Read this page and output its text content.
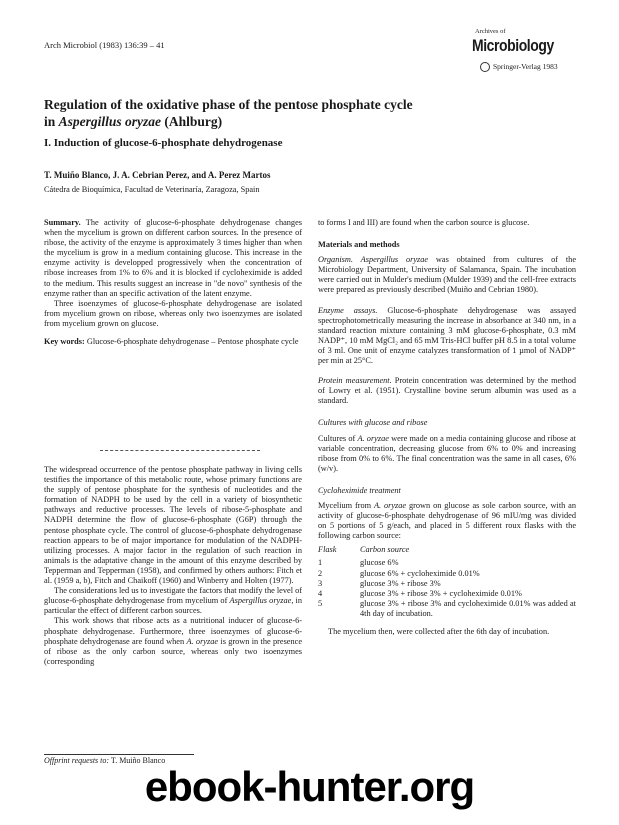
Arch Microbiol (1983) 136:39 – 41
Archives of
Microbiology
Springer-Verlag 1983
Regulation of the oxidative phase of the pentose phosphate cycle
in Aspergillus oryzae (Ahlburg)
I. Induction of glucose-6-phosphate dehydrogenase
T. Muiño Blanco, J. A. Cebrian Perez, and A. Perez Martos
Cátedra de Bioquímica, Facultad de Veterinaría, Zaragoza, Spain

Summary. The activity of glucose-6-phosphate dehydrogenase changes when the mycelium is grown on different carbon sources. In the presence of ribose, the activity of the enzyme is approximately 3 times higher than when the mycelium is grow in a medium containing glucose. This increase in the enzyme activity is developped progressively when the concentration of ribose increases from 1% to 6% and it is blocked if cycloheximide is added to the medium. This results suggest an increase in "de novo" synthesis of the enzyme rather than an specific activation of the latent enzyme.

Three isoenzymes of glucose-6-phosphate dehydrogenase are isolated from mycelium grown on ribose, whereas only two isoenzymes are isolated from mycelium grown on glucose.

Key words: Glucose-6-phosphate dehydrogenase – Pentose phosphate cycle

The widespread occurrence of the pentose phosphate pathway in living cells testifies the importance of this metabolic route, whose primary functions are the supply of pentose phosphate for the synthesis of nucleotides and the formation of NADPH to be used by the cell in a variety of biosynthetic pathways and reductive processes. The levels of ribose-5-phosphate and NADPH determine the flow of glucose-6-phosphate (G6P) through the pentose phosphate cycle. The control of glucose-6-phosphate dehydrogenase reaction appears to be of major importance for modulation of the NADPH-utilizing processes. A major factor in the regulation of such reaction in animals is the adaptative change in the amount of this enzyme described by Tepperman and Tepperman (1958), and confirmed by others authors: Fitch et al. (1959 a, b), Fitch and Chaikoff (1960) and Winberry and Holten (1977).

The considerations led us to investigate the factors that modify the level of glucose-6-phosphate dehydrogenase from mycelium of Aspergillus oryzae, in particular the effect of different carbon sources.

This work shows that ribose acts as a nutritional inducer of glucose-6-phosphate dehydrogenase. Furthermore, three isoenzymes of glucose-6-phosphate dehydrogenase are found when A. oryzae is grown in the presence of ribose as the only carbon source, whereas only two isoenzymes (corresponding

Offprint requests to: T. Muiño Blanco

to forms I and III) are found when the carbon source is glucose.

Materials and methods

Organism. Aspergillus oryzae was obtained from cultures of the Microbiology Department, University of Salamanca, Spain. The incubation were carried out in Mulder's medium (Mulder 1939) and the cell-free extracts were prepared as previously described (Muiño and Cebrian 1980).

Enzyme assays. Glucose-6-phosphate dehydrogenase was assayed spectrophotometrically measuring the increase in absorbance at 340 nm, in a standard reaction mixture containing 3 mM glucose-6-phosphate, 0.3 mM NADP⁺, 10 mM MgCl₂ and 65 mM Tris-HCl buffer pH 8.5 in a total volume of 3 ml. One unit of enzyme catalyzes transformation of 1 µmol of NADP⁺ per min at 25°C.

Protein measurement. Protein concentration was determined by the method of Lowry et al. (1951). Crystalline bovine serum albumin was used as a standard.

Cultures with glucose and ribose

Cultures of A. oryzae were made on a media containing glucose and ribose at variable concentration, decreasing glucose from 6% to 0% and increasing ribose from 0% to 6%. The final concentration was the same in all cases, 6% (w/v).

Cycloheximide treatment

Mycelium from A. oryzae grown on glucose as sole carbon source, with an activity of glucose-6-phosphate dehydrogenase of 96 mIU/mg was divided on 5 portions of 5 g/each, and placed in 5 different roux flasks with the following carbon source:

Flask	Carbon source
1	glucose 6%
2	glucose 6% + cycloheximide 0.01%
3	glucose 3% + ribose 3%
4	glucose 3% + ribose 3% + cycloheximide 0.01%
5	glucose 3% + ribose 3% and cycloheximide 0.01% was added at 4th day of incubation.

The mycelium then, were collected after the 6th day of incubation.

ebook-hunter.org
